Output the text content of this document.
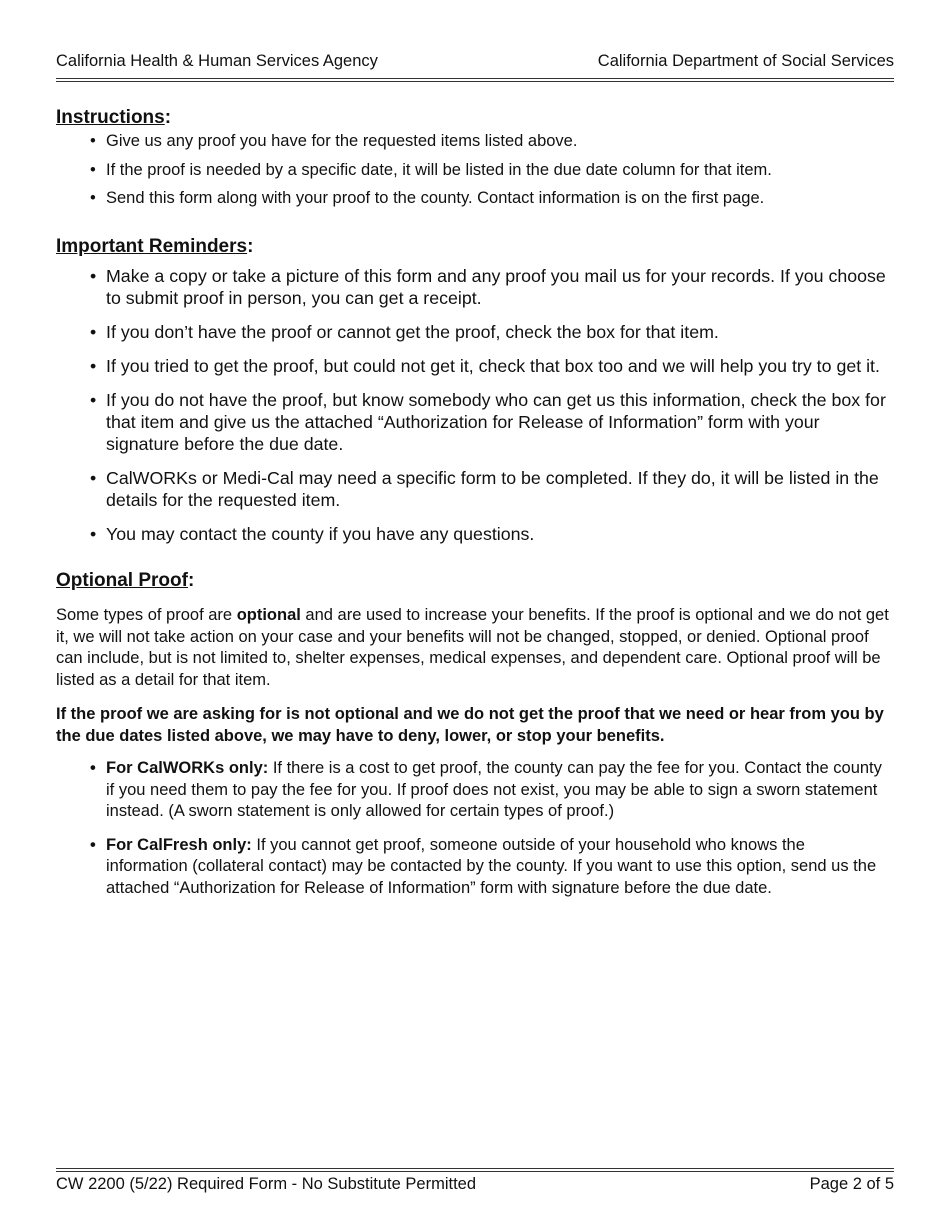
California Health & Human Services Agency	California Department of Social Services
Instructions:
• Give us any proof you have for the requested items listed above.
• If the proof is needed by a specific date, it will be listed in the due date column for that item.
• Send this form along with your proof to the county. Contact information is on the first page.
Important Reminders:
• Make a copy or take a picture of this form and any proof you mail us for your records. If you choose to submit proof in person, you can get a receipt.
• If you don’t have the proof or cannot get the proof, check the box for that item.
• If you tried to get the proof, but could not get it, check that box too and we will help you try to get it.
• If you do not have the proof, but know somebody who can get us this information, check the box for that item and give us the attached “Authorization for Release of Information” form with your signature before the due date.
• CalWORKs or Medi-Cal may need a specific form to be completed. If they do, it will be listed in the details for the requested item.
• You may contact the county if you have any questions.
Optional Proof:

Some types of proof are optional and are used to increase your benefits. If the proof is optional and we do not get it, we will not take action on your case and your benefits will not be changed, stopped, or denied. Optional proof can include, but is not limited to, shelter expenses, medical expenses, and dependent care. Optional proof will be listed as a detail for that item.

If the proof we are asking for is not optional and we do not get the proof that we need or hear from you by the due dates listed above, we may have to deny, lower, or stop your benefits.

• For CalWORKs only: If there is a cost to get proof, the county can pay the fee for you. Contact the county if you need them to pay the fee for you. If proof does not exist, you may be able to sign a sworn statement instead. (A sworn statement is only allowed for certain types of proof.)
• For CalFresh only: If you cannot get proof, someone outside of your household who knows the information (collateral contact) may be contacted by the county. If you want to use this option, send us the attached “Authorization for Release of Information” form with signature before the due date.
CW 2200 (5/22) Required Form - No Substitute Permitted	Page 2 of 5
